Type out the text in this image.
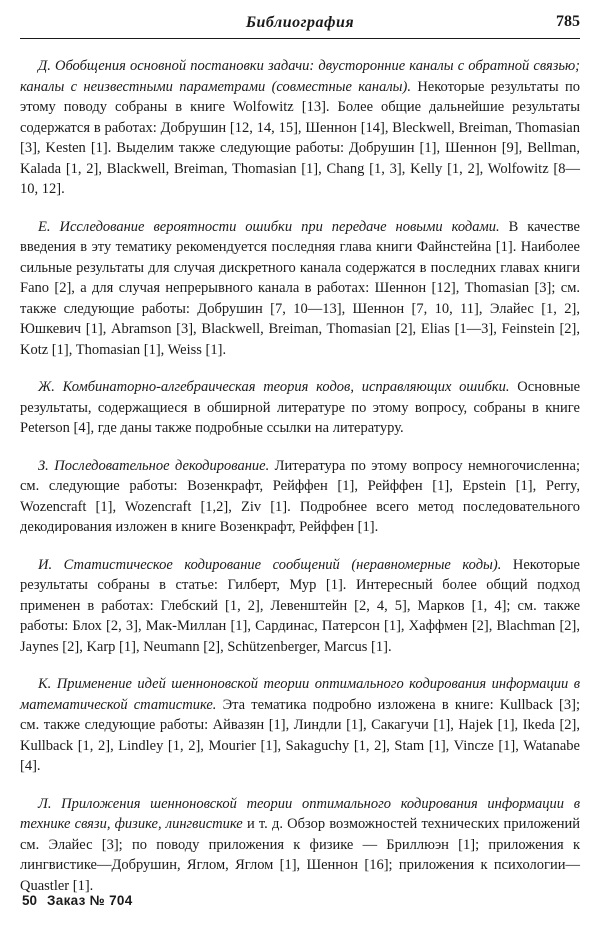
Библиография	785

Д. Обобщения основной постановки задачи: двусторонние каналы с обратной связью; каналы с неизвестными параметрами (совместные каналы). Некоторые результаты по этому поводу собраны в книге Wolfowitz [13]. Более общие дальнейшие результаты содержатся в работах: Добрушин [12, 14, 15], Шеннон [14], Bleckwell, Breiman, Thomasian [3], Kesten [1]. Выделим также следующие работы: Добрушин [1], Шеннон [9], Bellman, Kalada [1, 2], Blackwell, Breiman, Thomasian [1], Chang [1, 3], Kelly [1, 2], Wolfowitz [8—10, 12].

Е. Исследование вероятности ошибки при передаче новыми кодами. В качестве введения в эту тематику рекомендуется последняя глава книги Файнстейна [1]. Наиболее сильные результаты для случая дискретного канала содержатся в последних главах книги Fano [2], а для случая непрерывного канала в работах: Шеннон [12], Thomasian [3]; см. также следующие работы: Добрушин [7, 10—13], Шеннон [7, 10, 11], Элайес [1, 2], Юшкевич [1], Abramson [3], Blackwell, Breiman, Thomasian [2], Elias [1—3], Feinstein [2], Kotz [1], Thomasian [1], Weiss [1].

Ж. Комбинаторно-алгебраическая теория кодов, исправляющих ошибки. Основные результаты, содержащиеся в обширной литературе по этому вопросу, собраны в книге Peterson [4], где даны также подробные ссылки на литературу.

З. Последовательное декодирование. Литература по этому вопросу немногочисленна; см. следующие работы: Возенкрафт, Рейффен [1], Рейффен [1], Epstein [1], Perry, Wozencraft [1], Wozencraft [1,2], Ziv [1]. Подробнее всего метод последовательного декодирования изложен в книге Возенкрафт, Рейффен [1].

И. Статистическое кодирование сообщений (неравномерные коды). Некоторые результаты собраны в статье: Гилберт, Мур [1]. Интересный более общий подход применен в работах: Глебский [1, 2], Левенштейн [2, 4, 5], Марков [1, 4]; см. также работы: Блох [2, 3], Мак-Миллан [1], Сардинас, Патерсон [1], Хаффмен [2], Blachman [2], Jaynes [2], Karp [1], Neumann [2], Schützenberger, Marcus [1].

К. Применение идей шенноновской теории оптимального кодирования информации в математической статистике. Эта тематика подробно изложена в книге: Kullback [3]; см. также следующие работы: Айвазян [1], Линдли [1], Сакагучи [1], Hajek [1], Ikeda [2], Kullback [1, 2], Lindley [1, 2], Mourier [1], Sakaguchy [1, 2], Stam [1], Vincze [1], Watanabe [4].

Л. Приложения шенноновской теории оптимального кодирования информации в технике связи, физике, лингвистике и т. д. Обзор возможностей технических приложений см. Элайес [3]; по поводу приложения к физике — Бриллюэн [1]; приложения к лингвистике—Добрушин, Яглом, Яглом [1], Шеннон [16]; приложения к психологии—Quastler [1].

50 Заказ № 704
